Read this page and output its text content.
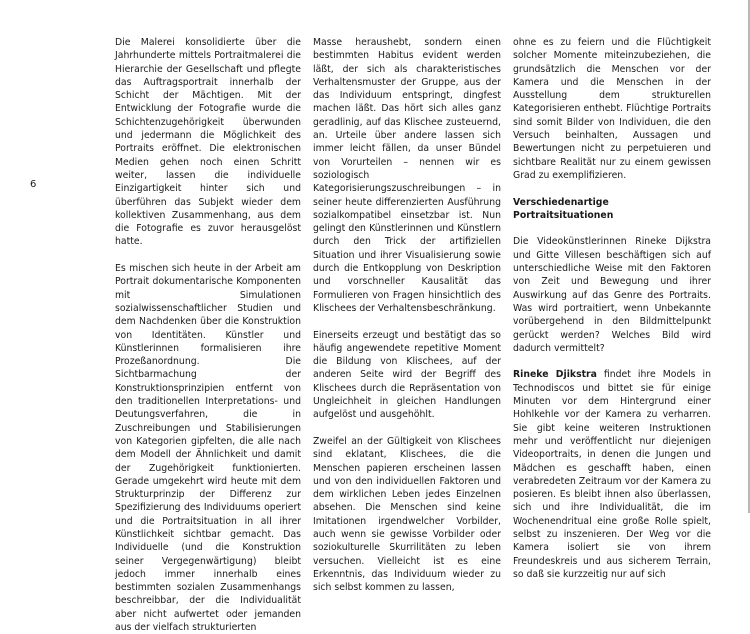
6

Die Malerei konsolidierte über die Jahrhunderte mittels Portraitmalerei die Hierarchie der Gesellschaft und pflegte das Auftragsportrait innerhalb der Schicht der Mächtigen. Mit der Entwicklung der Fotografie wurde die Schichtenzugehörigkeit überwunden und jedermann die Möglichkeit des Portraits eröffnet. Die elektronischen Medien gehen noch einen Schritt weiter, lassen die individuelle Einzigartigkeit hinter sich und überführen das Subjekt wieder dem kollektiven Zusammenhang, aus dem die Fotografie es zuvor herausgelöst hatte.

Es mischen sich heute in der Arbeit am Portrait dokumentarische Komponenten mit Simulationen sozialwissenschaftlicher Studien und dem Nachdenken über die Konstruktion von Identitäten. Künstler und Künstlerinnen formalisieren ihre Prozeßanordnung. Die Sichtbarmachung der Konstruktionsprinzipien entfernt von den traditionellen Interpretations- und Deutungsverfahren, die in Zuschreibungen und Stabilisierungen von Kategorien gipfelten, die alle nach dem Modell der Ähnlichkeit und damit der Zugehörigkeit funktionierten. Gerade umgekehrt wird heute mit dem Strukturprinzip der Differenz zur Spezifizierung des Individuums operiert und die Portraitsituation in all ihrer Künstlichkeit sichtbar gemacht. Das Individuelle (und die Konstruktion seiner Vergegenwärtigung) bleibt jedoch immer innerhalb eines bestimmten sozialen Zusammenhangs beschreibbar, der die Individualität aber nicht aufwertet oder jemanden aus der vielfach strukturierten

Masse heraushebt, sondern einen bestimmten Habitus evident werden läßt, der sich als charakteristisches Verhaltensmuster der Gruppe, aus der das Individuum entspringt, dingfest machen läßt. Das hört sich alles ganz geradlinig, auf das Klischee zusteuernd, an. Urteile über andere lassen sich immer leicht fällen, da unser Bündel von Vorurteilen – nennen wir es soziologisch Kategorisierungszuschreibungen – in seiner heute differenzierten Ausführung sozialkompatibel einsetzbar ist. Nun gelingt den Künstlerinnen und Künstlern durch den Trick der artifiziellen Situation und ihrer Visualisierung sowie durch die Entkopplung von Deskription und vorschneller Kausalität das Formulieren von Fragen hinsichtlich des Klischees der Verhaltensbeschränkung.

Einerseits erzeugt und bestätigt das so häufig angewendete repetitive Moment die Bildung von Klischees, auf der anderen Seite wird der Begriff des Klischees durch die Repräsentation von Ungleichheit in gleichen Handlungen aufgelöst und ausgehöhlt.

Zweifel an der Gültigkeit von Klischees sind eklatant, Klischees, die die Menschen papieren erscheinen lassen und von den individuellen Faktoren und dem wirklichen Leben jedes Einzelnen absehen. Die Menschen sind keine Imitationen irgendwelcher Vorbilder, auch wenn sie gewisse Vorbilder oder soziokulturelle Skurrilitäten zu leben versuchen. Vielleicht ist es eine Erkenntnis, das Individuum wieder zu sich selbst kommen zu lassen,

ohne es zu feiern und die Flüchtigkeit solcher Momente miteinzubeziehen, die grundsätzlich die Menschen vor der Kamera und die Menschen in der Ausstellung dem strukturellen Kategorisieren enthebt. Flüchtige Portraits sind somit Bilder von Individuen, die den Versuch beinhalten, Aussagen und Bewertungen nicht zu perpetuieren und sichtbare Realität nur zu einem gewissen Grad zu exemplifizieren.

Verschiedenartige Portraitsituationen

Die Videokünstlerinnen Rineke Dijkstra und Gitte Villesen beschäftigen sich auf unterschiedliche Weise mit den Faktoren von Zeit und Bewegung und ihrer Auswirkung auf das Genre des Portraits. Was wird portraitiert, wenn Unbekannte vorübergehend in den Bildmittelpunkt gerückt werden? Welches Bild wird dadurch vermittelt?

Rineke Djikstra findet ihre Models in Technodiscos und bittet sie für einige Minuten vor dem Hintergrund einer Hohlkehle vor der Kamera zu verharren. Sie gibt keine weiteren Instruktionen mehr und veröffentlicht nur diejenigen Videoportraits, in denen die Jungen und Mädchen es geschafft haben, einen verabredeten Zeitraum vor der Kamera zu posieren. Es bleibt ihnen also überlassen, sich und ihre Individualität, die im Wochenendritual eine große Rolle spielt, selbst zu inszenieren. Der Weg vor die Kamera isoliert sie von ihrem Freundeskreis und aus sicherem Terrain, so daß sie kurzzeitig nur auf sich
